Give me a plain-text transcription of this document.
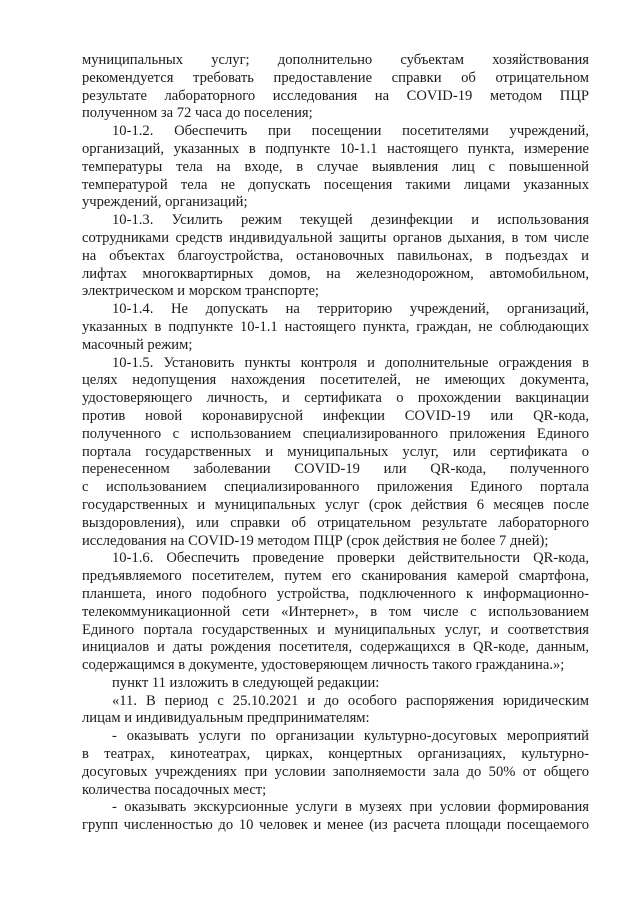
муниципальных услуг; дополнительно субъектам хозяйствования
рекомендуется требовать предоставление справки об отрицательном
результате лабораторного исследования на COVID-19 методом ПЦР
полученном за 72 часа до поселения;
10-1.2. Обеспечить при посещении посетителями учреждений,
организаций, указанных в подпункте 10-1.1 настоящего пункта, измерение
температуры тела на входе, в случае выявления лиц с повышенной
температурой тела не допускать посещения такими лицами указанных
учреждений, организаций;
10-1.3. Усилить режим текущей дезинфекции и использования
сотрудниками средств индивидуальной защиты органов дыхания, в том числе
на объектах благоустройства, остановочных павильонах, в подъездах и
лифтах многоквартирных домов, на железнодорожном, автомобильном,
электрическом и морском транспорте;
10-1.4. Не допускать на территорию учреждений, организаций,
указанных в подпункте 10-1.1 настоящего пункта, граждан, не соблюдающих
масочный режим;
10-1.5. Установить пункты контроля и дополнительные ограждения в
целях недопущения нахождения посетителей, не имеющих документа,
удостоверяющего личность, и сертификата о прохождении вакцинации
против новой коронавирусной инфекции COVID-19 или QR-кода,
полученного с использованием специализированного приложения Единого
портала государственных и муниципальных услуг, или сертификата о
перенесенном заболевании COVID-19 или QR-кода, полученного
с использованием специализированного приложения Единого портала
государственных и муниципальных услуг (срок действия 6 месяцев после
выздоровления), или справки об отрицательном результате лабораторного
исследования на COVID-19 методом ПЦР (срок действия не более 7 дней);
10-1.6. Обеспечить проведение проверки действительности QR-кода,
предъявляемого посетителем, путем его сканирования камерой смартфона,
планшета, иного подобного устройства, подключенного к информационно-
телекоммуникационной сети «Интернет», в том числе с использованием
Единого портала государственных и муниципальных услуг, и соответствия
инициалов и даты рождения посетителя, содержащихся в QR-коде, данным,
содержащимся в документе, удостоверяющем личность такого гражданина.»;
пункт 11 изложить в следующей редакции:
«11. В период с 25.10.2021 и до особого распоряжения юридическим
лицам и индивидуальным предпринимателям:
- оказывать услуги по организации культурно-досуговых мероприятий
в театрах, кинотеатрах, цирках, концертных организациях, культурно-
досуговых учреждениях при условии заполняемости зала до 50% от общего
количества посадочных мест;
- оказывать экскурсионные услуги в музеях при условии формирования
групп численностью до 10 человек и менее (из расчета площади посещаемого
